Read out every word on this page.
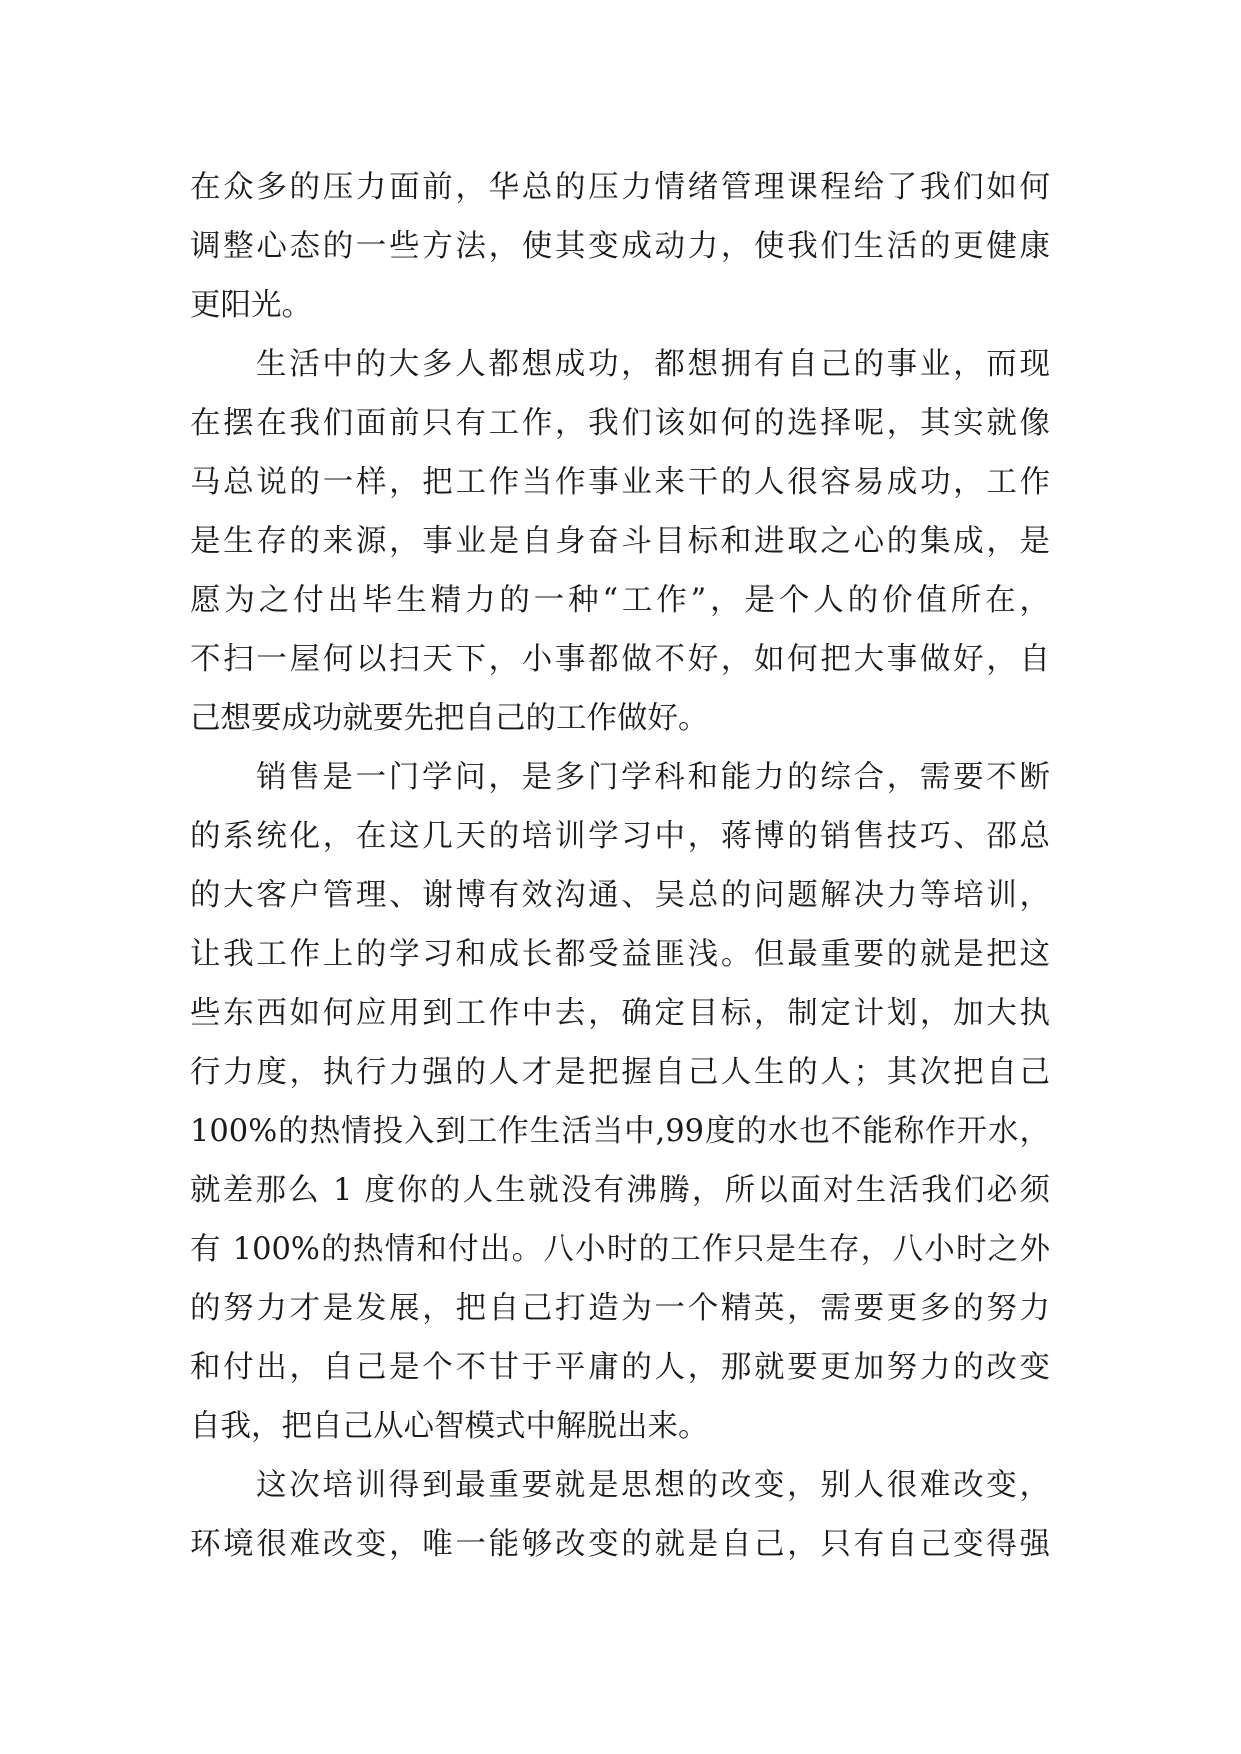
在众多的压力面前，华总的压力情绪管理课程给了我们如何
调整心态的一些方法，使其变成动力，使我们生活的更健康
更阳光。
生活中的大多人都想成功，都想拥有自己的事业，而现
在摆在我们面前只有工作，我们该如何的选择呢，其实就像
马总说的一样，把工作当作事业来干的人很容易成功，工作
是生存的来源，事业是自身奋斗目标和进取之心的集成，是
愿为之付出毕生精力的一种“工作”，是个人的价值所在，
不扫一屋何以扫天下，小事都做不好，如何把大事做好，自
己想要成功就要先把自己的工作做好。
销售是一门学问，是多门学科和能力的综合，需要不断
的系统化，在这几天的培训学习中，蒋博的销售技巧、邵总
的大客户管理、谢博有效沟通、吴总的问题解决力等培训，
让我工作上的学习和成长都受益匪浅。但最重要的就是把这
些东西如何应用到工作中去，确定目标，制定计划，加大执
行力度，执行力强的人才是把握自己人生的人；其次把自己
100%的热情投入到工作生活当中,99度的水也不能称作开水，
就差那么 1 度你的人生就没有沸腾，所以面对生活我们必须
有 100%的热情和付出。八小时的工作只是生存，八小时之外
的努力才是发展，把自己打造为一个精英，需要更多的努力
和付出，自己是个不甘于平庸的人，那就要更加努力的改变
自我，把自己从心智模式中解脱出来。
这次培训得到最重要就是思想的改变，别人很难改变，
环境很难改变，唯一能够改变的就是自己，只有自己变得强
